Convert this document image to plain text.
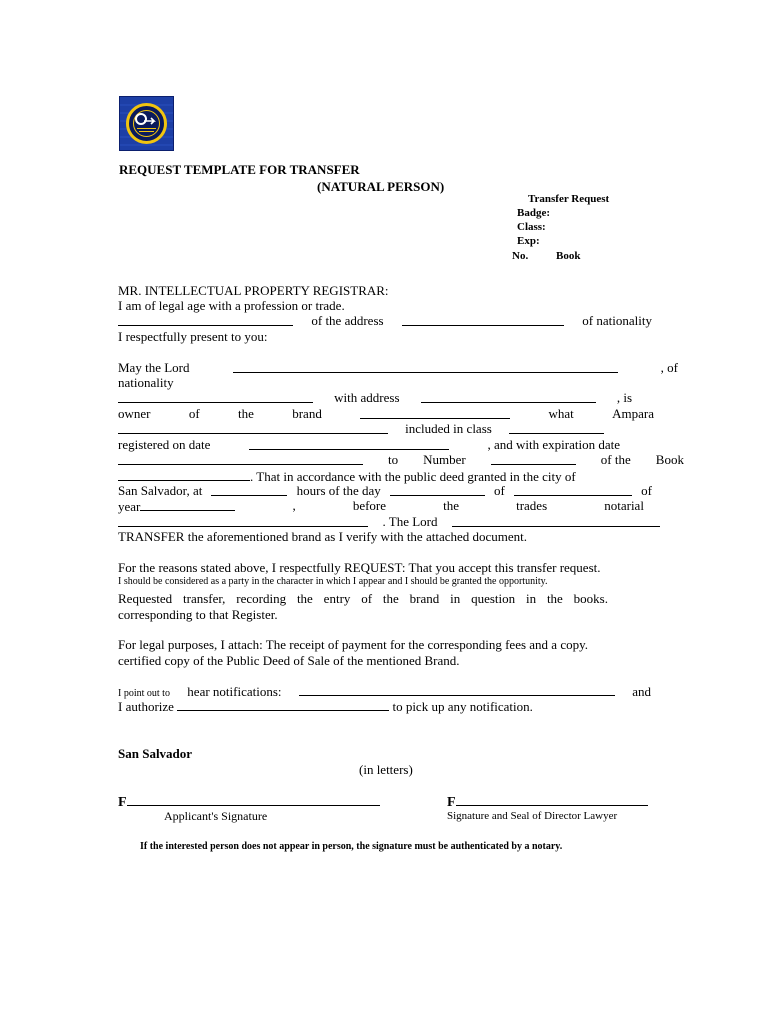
REQUEST TEMPLATE FOR TRANSFER
(NATURAL PERSON)
Transfer Request
Badge:
Class:
Exp:
No.	Book
MR. INTELLECTUAL PROPERTY REGISTRAR:
I am of legal age with a profession or trade.
of the address	of nationality
I respectfully present to you:
May the Lord	, of
nationality
with address	, is
owner	of	the	brand	what	Ampara
included in class
registered on date	, and with expiration date
to Number	of the Book
. That in accordance with the public deed granted in the city of
San Salvador, at	hours of the day	of	of
year	,	before	the	trades	notarial
. The Lord
TRANSFER the aforementioned brand as I verify with the attached document.
For the reasons stated above, I respectfully REQUEST: That you accept this transfer request.
I should be considered as a party in the character in which I appear and I should be granted the opportunity.
Requested transfer, recording the entry of the brand in question in the books.
corresponding to that Register.
For legal purposes, I attach: The receipt of payment for the corresponding fees and a copy.
certified copy of the Public Deed of Sale of the mentioned Brand.
I point out to hear notifications:	and
I authorize	to pick up any notification.
San Salvador
(in letters)
F	F
Applicant's Signature	Signature and Seal of Director Lawyer
If the interested person does not appear in person, the signature must be authenticated by a notary.
